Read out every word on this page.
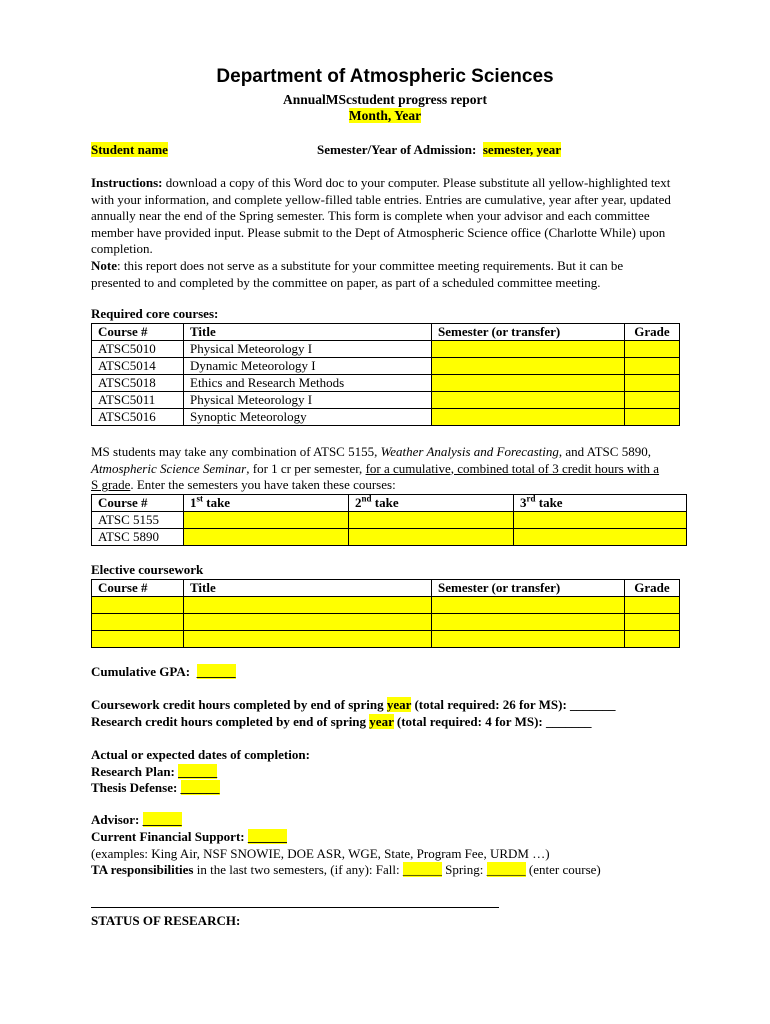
Department of Atmospheric Sciences
AnnualMScstudent progress report
Month, Year
Student name	Semester/Year of Admission: semester, year
Instructions: download a copy of this Word doc to your computer. Please substitute all yellow-highlighted text with your information, and complete yellow-filled table entries. Entries are cumulative, year after year, updated annually near the end of the Spring semester. This form is complete when your advisor and each committee member have provided input. Please submit to the Dept of Atmospheric Science office (Charlotte While) upon completion.
Note: this report does not serve as a substitute for your committee meeting requirements. But it can be presented to and completed by the committee on paper, as part of a scheduled committee meeting.
Required core courses:
Course #	Title	Semester (or transfer)	Grade
ATSC5010	Physical Meteorology I		
ATSC5014	Dynamic Meteorology I		
ATSC5018	Ethics and Research Methods		
ATSC5011	Physical Meteorology I		
ATSC5016	Synoptic Meteorology		
MS students may take any combination of ATSC 5155, Weather Analysis and Forecasting, and ATSC 5890, Atmospheric Science Seminar, for 1 cr per semester, for a cumulative, combined total of 3 credit hours with a S grade. Enter the semesters you have taken these courses:
Course #	1st take	2nd take	3rd take
ATSC 5155			
ATSC 5890			
Elective coursework
Course #	Title	Semester (or transfer)	Grade

Cumulative GPA: ______
Coursework credit hours completed by end of spring year (total required: 26 for MS): _______
Research credit hours completed by end of spring year (total required: 4 for MS): _______
Actual or expected dates of completion:
Research Plan: ______
Thesis Defense: ______
Advisor: ______
Current Financial Support: ______
(examples: King Air, NSF SNOWIE, DOE ASR, WGE, State, Program Fee, URDM …)
TA responsibilities in the last two semesters, (if any): Fall: ______ Spring: ______ (enter course)
STATUS OF RESEARCH:
